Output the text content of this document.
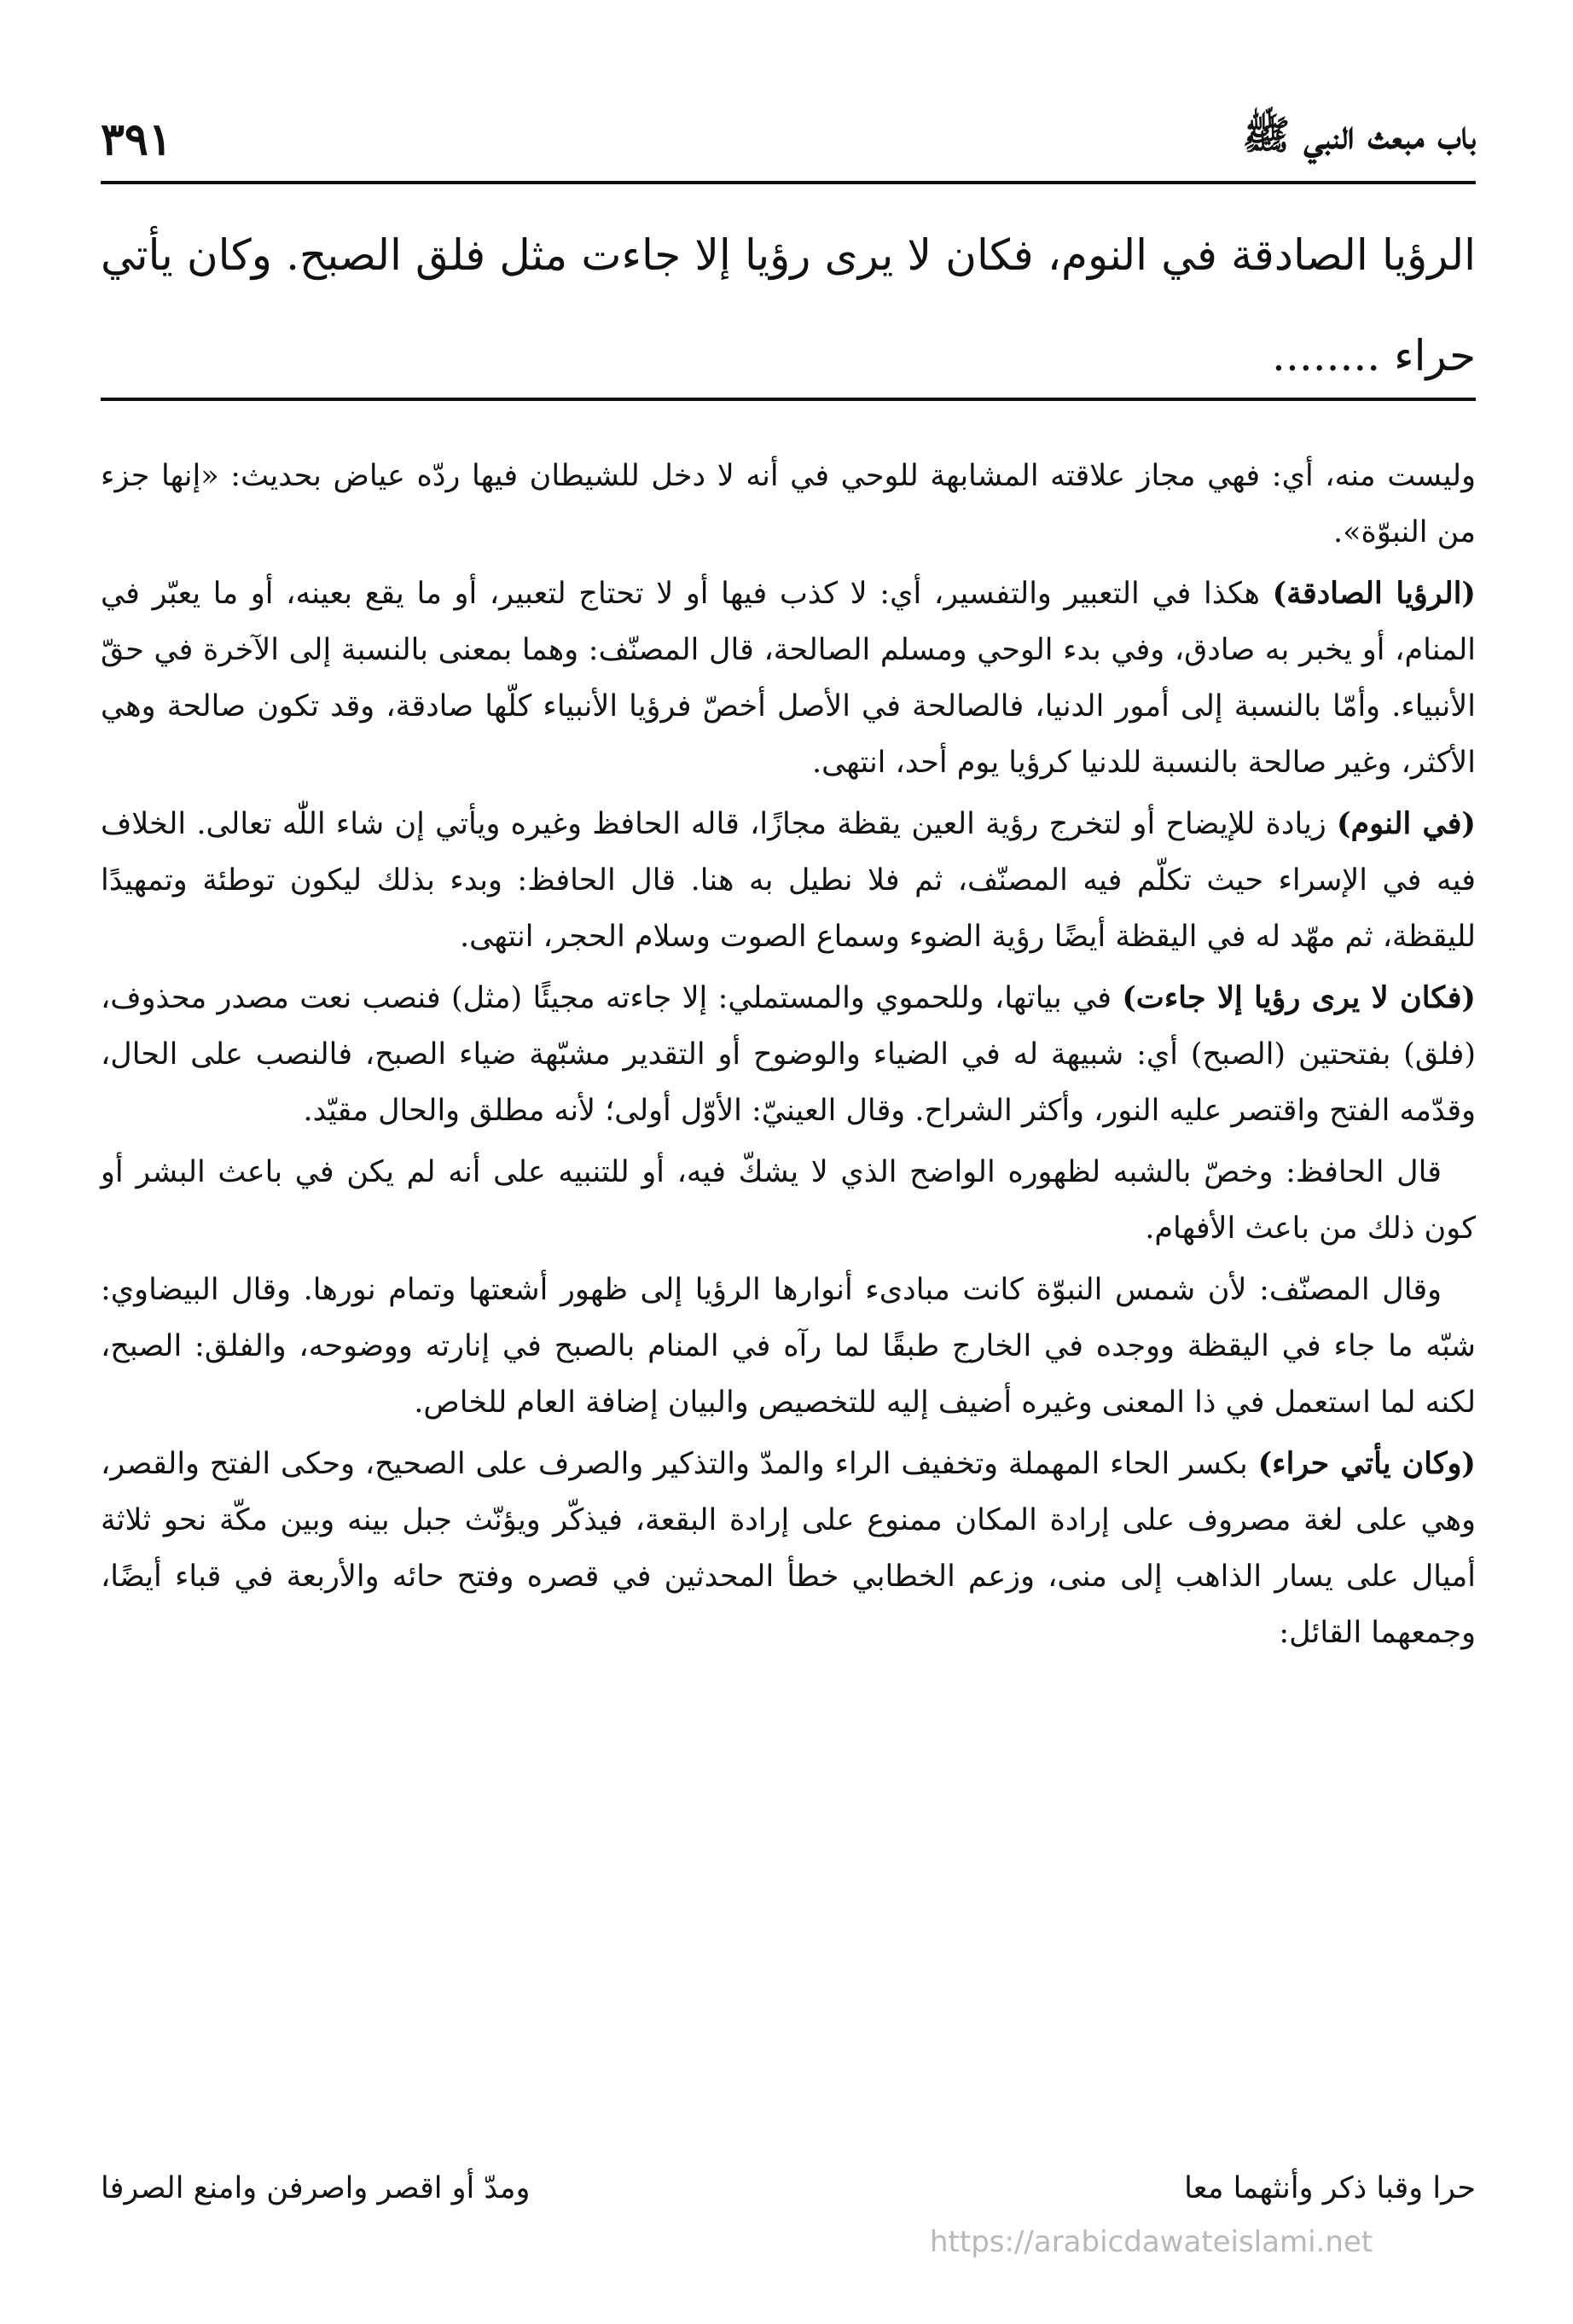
باب مبعث النبي ﷺ
٣٩١

الرؤيا الصادقة في النوم، فكان لا يرى رؤيا إلا جاءت مثل فلق الصبح. وكان يأتي حراء ........

وليست منه، أي: فهي مجاز علاقته المشابهة للوحي في أنه لا دخل للشيطان فيها ردّه عياض بحديث: «إنها جزء من النبوّة».

(الرؤيا الصادقة) هكذا في التعبير والتفسير، أي: لا كذب فيها أو لا تحتاج لتعبير، أو ما يقع بعينه، أو ما يعبّر في المنام، أو يخبر به صادق، وفي بدء الوحي ومسلم الصالحة، قال المصنّف: وهما بمعنى بالنسبة إلى الآخرة في حقّ الأنبياء. وأمّا بالنسبة إلى أمور الدنيا، فالصالحة في الأصل أخصّ فرؤيا الأنبياء كلّها صادقة، وقد تكون صالحة وهي الأكثر، وغير صالحة بالنسبة للدنيا كرؤيا يوم أحد، انتهى.

(في النوم) زيادة للإيضاح أو لتخرج رؤية العين يقظة مجازًا، قاله الحافظ وغيره ويأتي إن شاء اللّٰه تعالى. الخلاف فيه في الإسراء حيث تكلّم فيه المصنّف، ثم فلا نطيل به هنا. قال الحافظ: وبدء بذلك ليكون توطئة وتمهيدًا لليقظة، ثم مهّد له في اليقظة أيضًا رؤية الضوء وسماع الصوت وسلام الحجر، انتهى.

(فكان لا يرى رؤيا إلا جاءت) في بياتها، وللحموي والمستملي: إلا جاءته مجيئًا (مثل) فنصب نعت مصدر محذوف، (فلق) بفتحتين (الصبح) أي: شبيهة له في الضياء والوضوح أو التقدير مشبّهة ضياء الصبح، فالنصب على الحال، وقدّمه الفتح واقتصر عليه النور، وأكثر الشراح. وقال العينيّ: الأوّل أولى؛ لأنه مطلق والحال مقيّد.

قال الحافظ: وخصّ بالشبه لظهوره الواضح الذي لا يشكّ فيه، أو للتنبيه على أنه لم يكن في باعث البشر أو كون ذلك من باعث الأفهام.

وقال المصنّف: لأن شمس النبوّة كانت مبادىء أنوارها الرؤيا إلى ظهور أشعتها وتمام نورها. وقال البيضاوي: شبّه ما جاء في اليقظة ووجده في الخارج طبقًا لما رآه في المنام بالصبح في إنارته ووضوحه، والفلق: الصبح، لكنه لما استعمل في ذا المعنى وغيره أضيف إليه للتخصيص والبيان إضافة العام للخاص.

(وكان يأتي حراء) بكسر الحاء المهملة وتخفيف الراء والمدّ والتذكير والصرف على الصحيح، وحكى الفتح والقصر، وهي على لغة مصروف على إرادة المكان ممنوع على إرادة البقعة، فيذكّر ويؤنّث جبل بينه وبين مكّة نحو ثلاثة أميال على يسار الذاهب إلى منى، وزعم الخطابي خطأ المحدثين في قصره وفتح حائه والأربعة في قباء أيضًا، وجمعهما القائل:

حرا وقبا ذكر وأنثهما معا
ومدّ أو اقصر واصرفن وامنع الصرفا
https://arabicdawateislami.net
